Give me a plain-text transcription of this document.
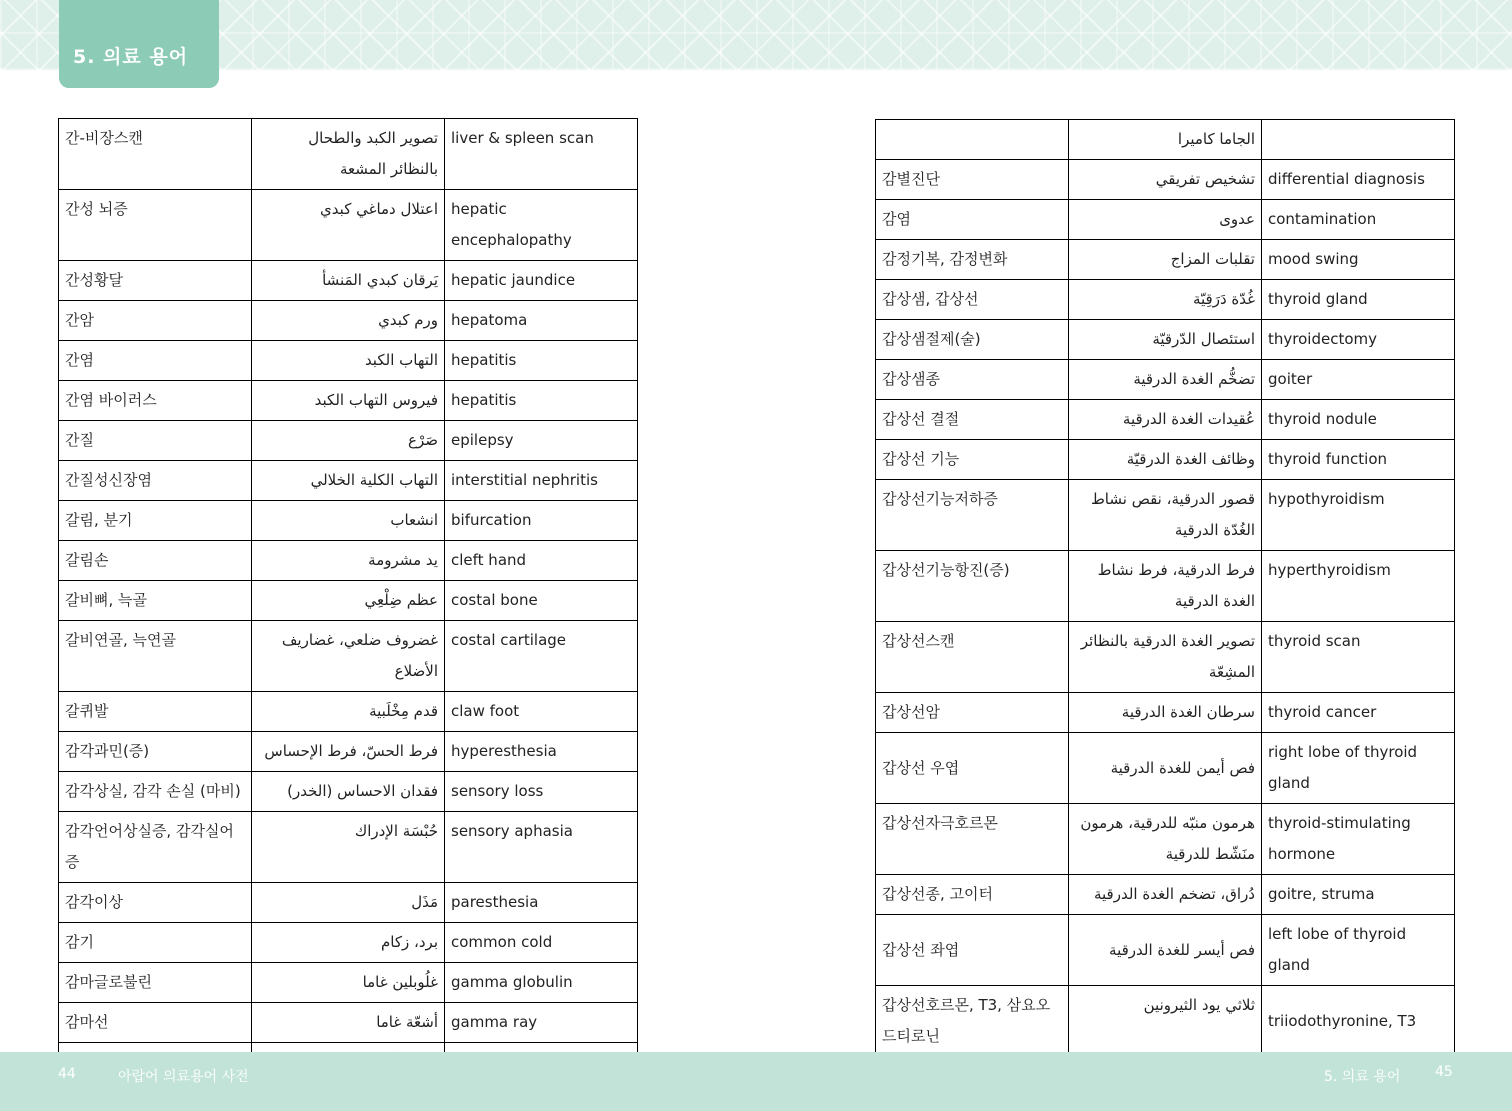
5. 의료 용어
간-비장스캔	تصوير الكبد والطحال بالنظائر المشعة	liver & spleen scan
간성 뇌증	اعتلال دماغي كبدي	hepatic encephalopathy
간성황달	يَرقان كبدي المَنشأ	hepatic jaundice
간암	ورم كبدي	hepatoma
간염	التهاب الكبد	hepatitis
간염 바이러스	فيروس التهاب الكبد	hepatitis
간질	صَرْع	epilepsy
간질성신장염	التهاب الكلية الخلالي	interstitial nephritis
갈림, 분기	انشعاب	bifurcation
갈림손	يد مشرومة	cleft hand
갈비뼈, 늑골	عظم ضِلْعِي	costal bone
갈비연골, 늑연골	غضروف ضلعي، غضاريف الأضلاع	costal cartilage
갈퀴발	قدم مِخْلَبية	claw foot
감각과민(증)	فرط الحسّ، فرط الإحساس	hyperesthesia
감각상실, 감각 손실 (마비)	فقدان الاحساس (الخدر)	sensory loss
감각언어상실증, 감각실어증	حُبْسَة الإدراك	sensory aphasia
감각이상	مَذَل	paresthesia
감기	برد، زكام	common cold
감마글로불린	غلُوبلين غاما	gamma globulin
감마선	أشعّة غاما	gamma ray

	الجاما كاميرا	
감별진단	تشخيص تفريقي	differential diagnosis
감염	عدوى	contamination
감정기복, 감정변화	تقلبات المزاج	mood swing
갑상샘, 갑상선	غُدّة دَرَقِيّة	thyroid gland
갑상샘절제(술)	استئصال الدّرقيّة	thyroidectomy
갑상샘종	تضخُّم الغدة الدرقية	goiter
갑상선 결절	عُقيدات الغدة الدرقية	thyroid nodule
갑상선 기능	وظائف الغدة الدرقيّة	thyroid function
갑상선기능저하증	قصور الدرقية، نقص نشاط الغُدّة الدرقية	hypothyroidism
갑상선기능항진(증)	فرط الدرقية، فرط نشاط الغدة الدرقية	hyperthyroidism
갑상선스캔	تصوير الغدة الدرقية بالنظائر المشِعّة	thyroid scan
갑상선암	سرطان الغدة الدرقية	thyroid cancer
갑상선 우엽	فص أيمن للغدة الدرقية	right lobe of thyroid gland
갑상선자극호르몬	هرمون منبّه للدرقية، هرمون منَشّط للدرقية	thyroid-stimulating hormone
갑상선종, 고이터	دُراق، تضخم الغدة الدرقية	goitre, struma
갑상선 좌엽	فص أيسر للغدة الدرقية	left lobe of thyroid gland
갑상선호르몬, T3, 삼요오드티로닌	ثلاثي يود الثيرونين	triiodothyronine, T3
44	아랍어 의료용어 사전	5. 의료 용어 45
